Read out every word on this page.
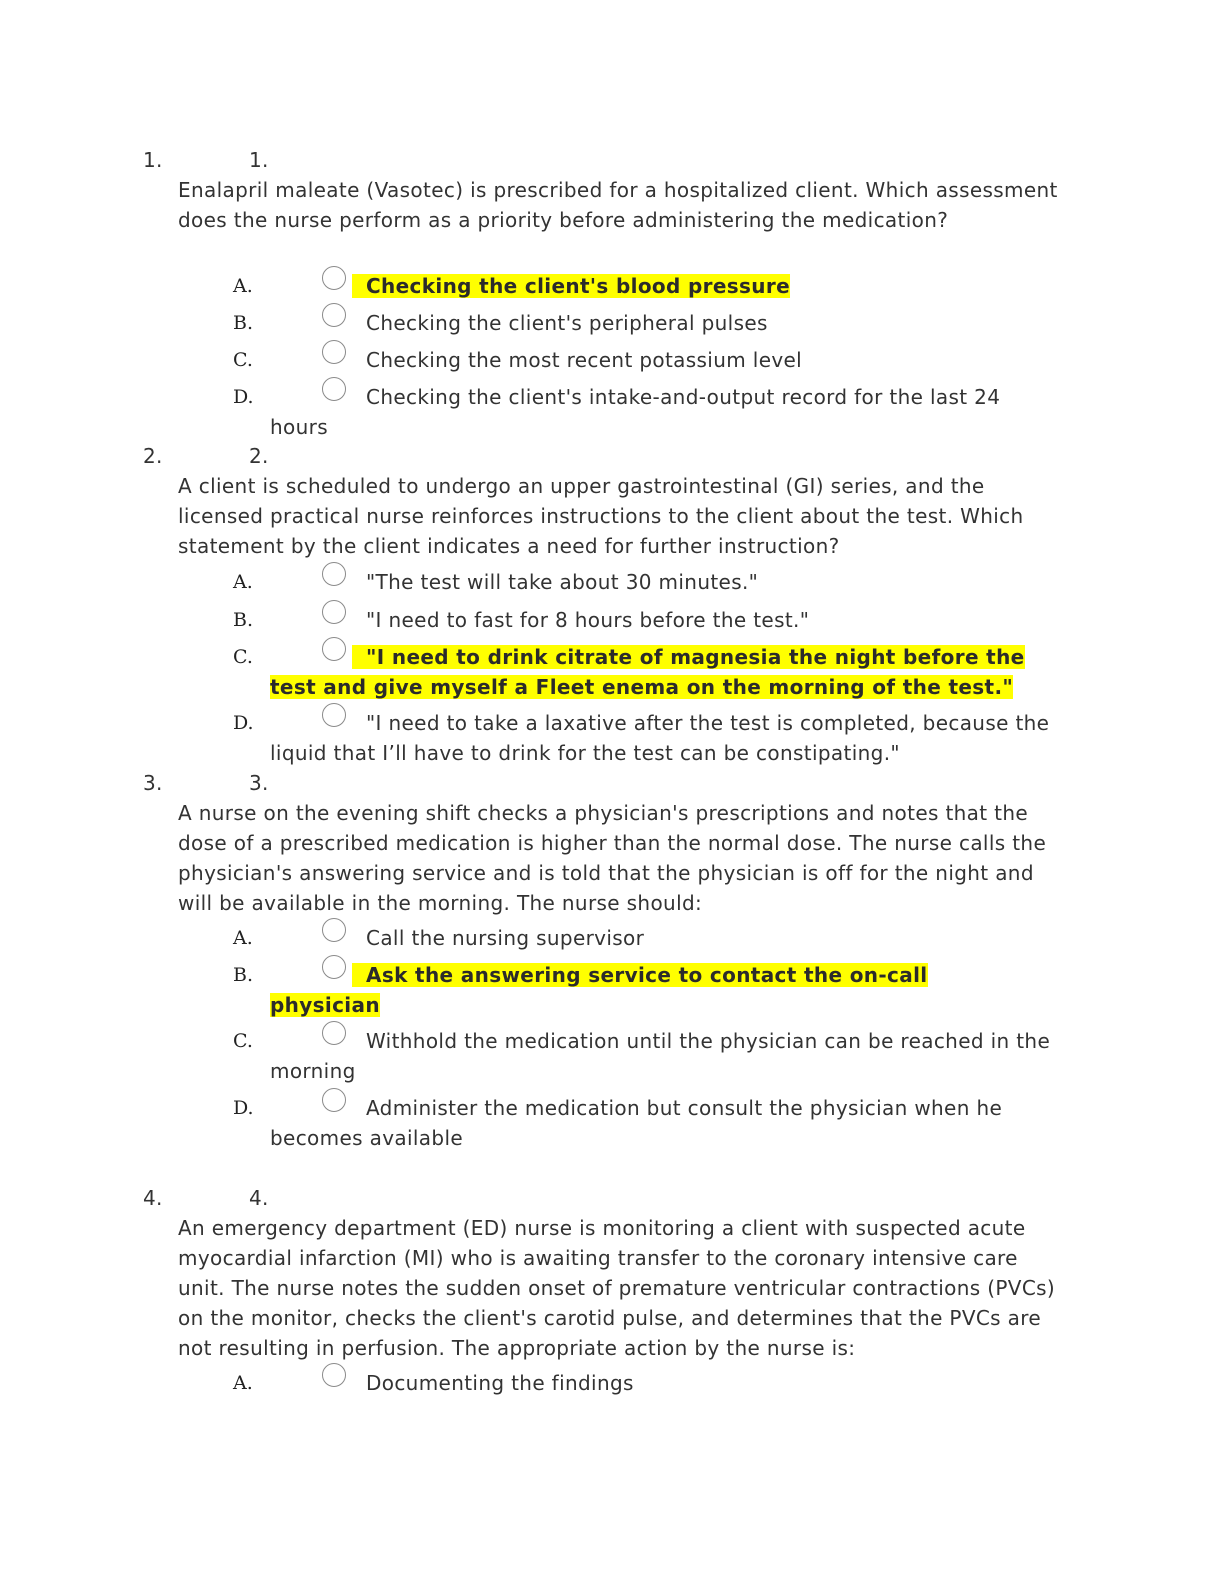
1.	1.

Enalapril maleate (Vasotec) is prescribed for a hospitalized client. Which assessment does the nurse perform as a priority before administering the medication?

A.	Checking the client's blood pressure

B.	Checking the client's peripheral pulses

C.	Checking the most recent potassium level

D.	Checking the client's intake-and-output record for the last 24 hours

2.	2.

A client is scheduled to undergo an upper gastrointestinal (GI) series, and the licensed practical nurse reinforces instructions to the client about the test. Which statement by the client indicates a need for further instruction?

A.	"The test will take about 30 minutes."

B.	"I need to fast for 8 hours before the test."

C.	"I need to drink citrate of magnesia the night before the test and give myself a Fleet enema on the morning of the test."

D.	"I need to take a laxative after the test is completed, because the liquid that I’ll have to drink for the test can be constipating."

3.	3.

A nurse on the evening shift checks a physician's prescriptions and notes that the dose of a prescribed medication is higher than the normal dose. The nurse calls the physician's answering service and is told that the physician is off for the night and will be available in the morning. The nurse should:

A.	Call the nursing supervisor

B.	Ask the answering service to contact the on-call physician

C.	Withhold the medication until the physician can be reached in the morning

D.	Administer the medication but consult the physician when he becomes available

4.	4.

An emergency department (ED) nurse is monitoring a client with suspected acute myocardial infarction (MI) who is awaiting transfer to the coronary intensive care unit. The nurse notes the sudden onset of premature ventricular contractions (PVCs) on the monitor, checks the client's carotid pulse, and determines that the PVCs are not resulting in perfusion. The appropriate action by the nurse is:

A.	Documenting the findings
